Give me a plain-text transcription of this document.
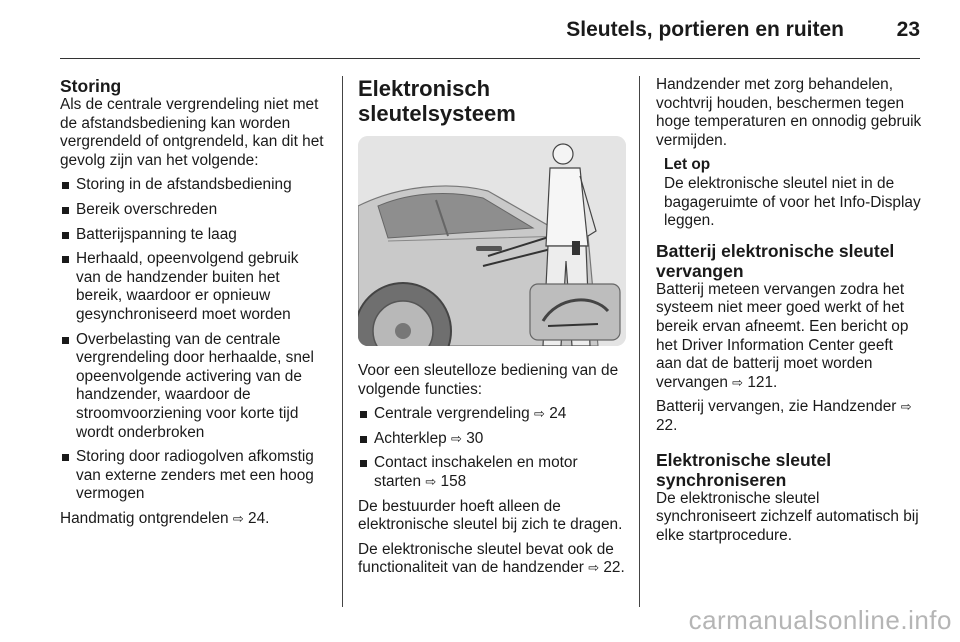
Sleutels, portieren en ruiten	23
Storing

Als de centrale vergrendeling niet met de afstandsbediening kan worden vergrendeld of ontgrendeld, kan dit het gevolg zijn van het volgende:

Storing in de afstandsbediening
Bereik overschreden
Batterijspanning te laag
Herhaald, opeenvolgend gebruik van de handzender buiten het bereik, waardoor er opnieuw gesynchroniseerd moet worden
Overbelasting van de centrale vergrendeling door herhaalde, snel opeenvolgende activering van de handzender, waardoor de stroomvoorziening voor korte tijd wordt onderbroken
Storing door radiogolven afkomstig van externe zenders met een hoog vermogen

Handmatig ontgrendelen ⇨ 24.

Elektronisch sleutelsysteem

Voor een sleutelloze bediening van de volgende functies:

Centrale vergrendeling ⇨ 24
Achterklep ⇨ 30
Contact inschakelen en motor starten ⇨ 158

De bestuurder hoeft alleen de elektronische sleutel bij zich te dragen.

De elektronische sleutel bevat ook de functionaliteit van de handzender ⇨ 22.

Handzender met zorg behandelen, vochtvrij houden, beschermen tegen hoge temperaturen en onnodig gebruik vermijden.

Let op
De elektronische sleutel niet in de bagageruimte of voor het Info-Display leggen.
Batterij elektronische sleutel vervangen

Batterij meteen vervangen zodra het systeem niet meer goed werkt of het bereik ervan afneemt. Een bericht op het Driver Information Center geeft aan dat de batterij moet worden vervangen ⇨ 121.

Batterij vervangen, zie Handzender ⇨ 22.

Elektronische sleutel synchroniseren

De elektronische sleutel synchroniseert zichzelf automatisch bij elke startprocedure.

carmanualsonline.info
